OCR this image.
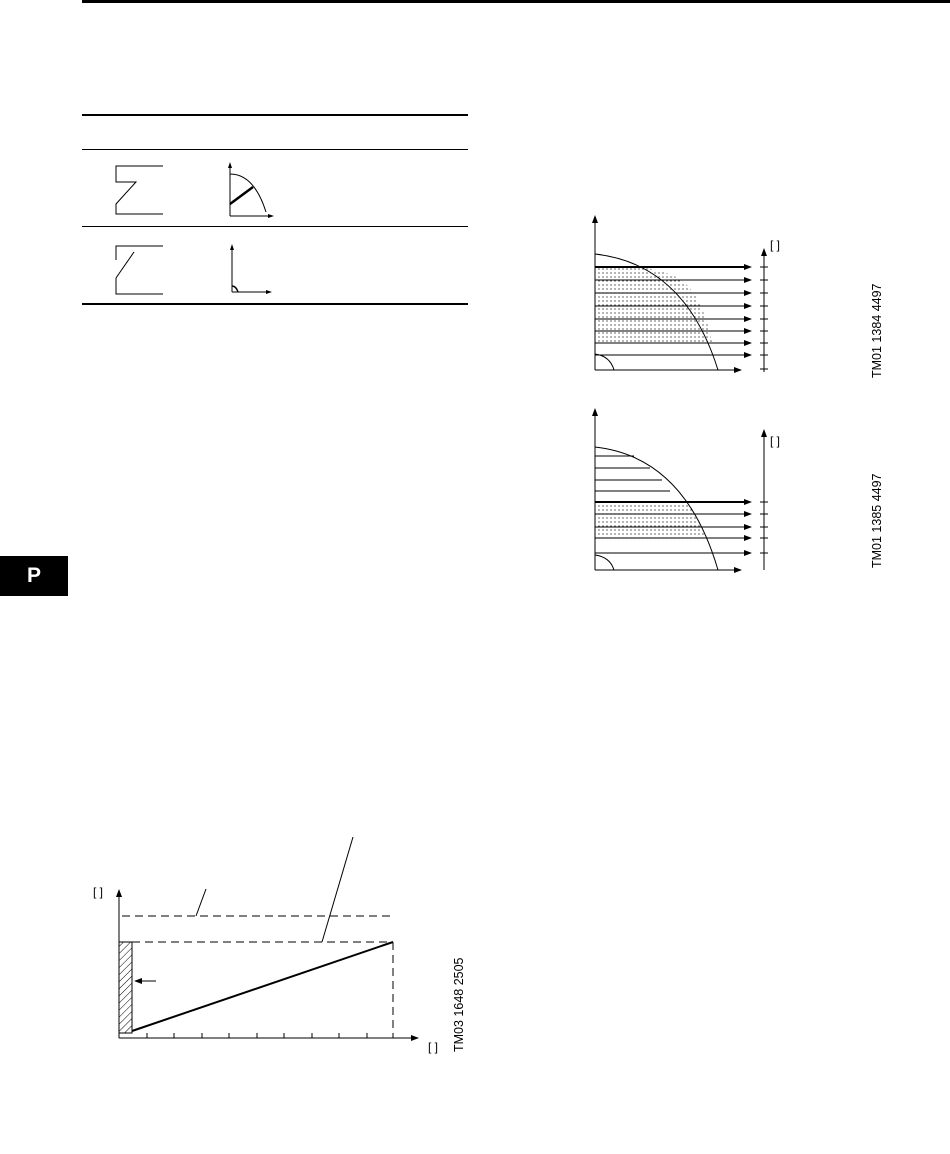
P
[ ]
TM01 1384 4497
[ ]
TM01 1385 4497
[ ]
[ ] TM03 1648 2505
